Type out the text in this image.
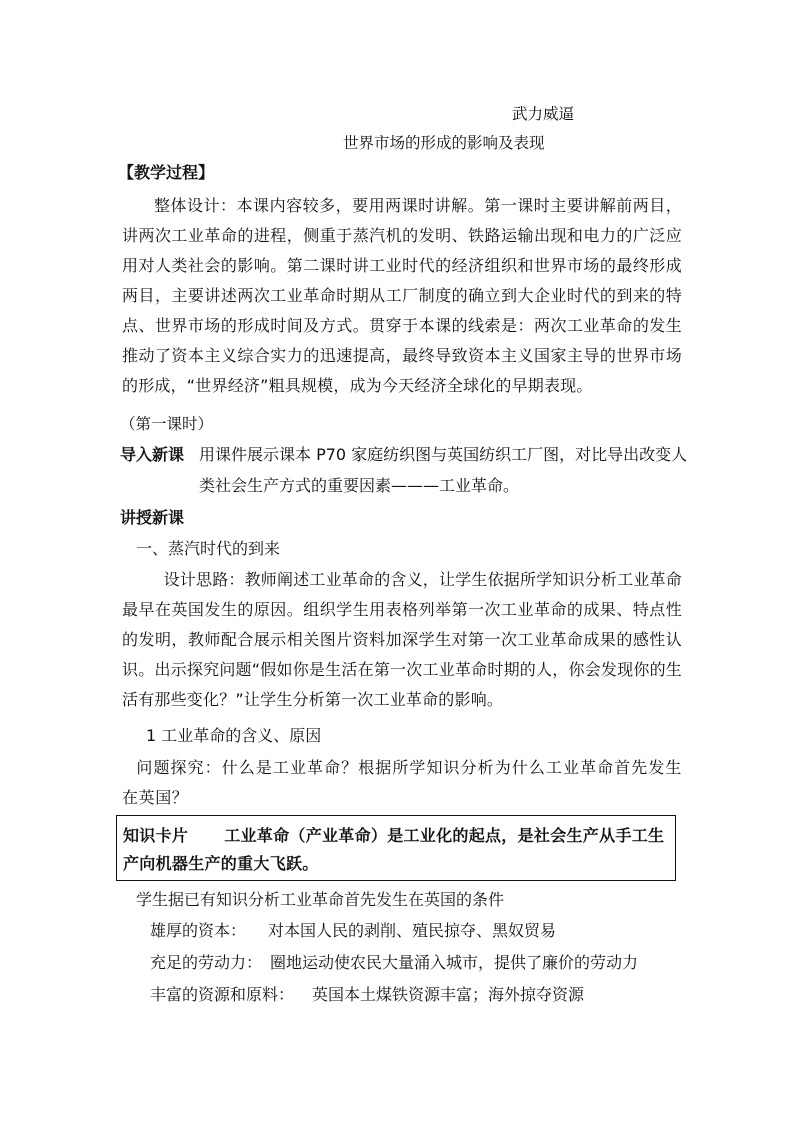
武力威逼
世界市场的形成的影响及表现
【教学过程】
整体设计：本课内容较多，要用两课时讲解。第一课时主要讲解前两目，讲两次工业革命的进程，侧重于蒸汽机的发明、铁路运输出现和电力的广泛应用对人类社会的影响。第二课时讲工业时代的经济组织和世界市场的最终形成两目，主要讲述两次工业革命时期从工厂制度的确立到大企业时代的到来的特点、世界市场的形成时间及方式。贯穿于本课的线索是：两次工业革命的发生推动了资本主义综合实力的迅速提高，最终导致资本主义国家主导的世界市场的形成，“世界经济”粗具规模，成为今天经济全球化的早期表现。
（第一课时）
导入新课 用课件展示课本 P70 家庭纺织图与英国纺织工厂图，对比导出改变人
类社会生产方式的重要因素———工业革命。
讲授新课
一、蒸汽时代的到来
设计思路：教师阐述工业革命的含义，让学生依据所学知识分析工业革命最早在英国发生的原因。组织学生用表格列举第一次工业革命的成果、特点性的发明，教师配合展示相关图片资料加深学生对第一次工业革命成果的感性认识。出示探究问题“假如你是生活在第一次工业革命时期的人，你会发现你的生活有那些变化？”让学生分析第一次工业革命的影响。
1 工业革命的含义、原因
问题探究：什么是工业革命？根据所学知识分析为什么工业革命首先发生在英国？
知识卡片 工业革命（产业革命）是工业化的起点，是社会生产从手工生产向机器生产的重大飞跃。
学生据已有知识分析工业革命首先发生在英国的条件
雄厚的资本： 对本国人民的剥削、殖民掠夺、黑奴贸易
充足的劳动力： 圈地运动使农民大量涌入城市，提供了廉价的劳动力
丰富的资源和原料： 英国本土煤铁资源丰富；海外掠夺资源
